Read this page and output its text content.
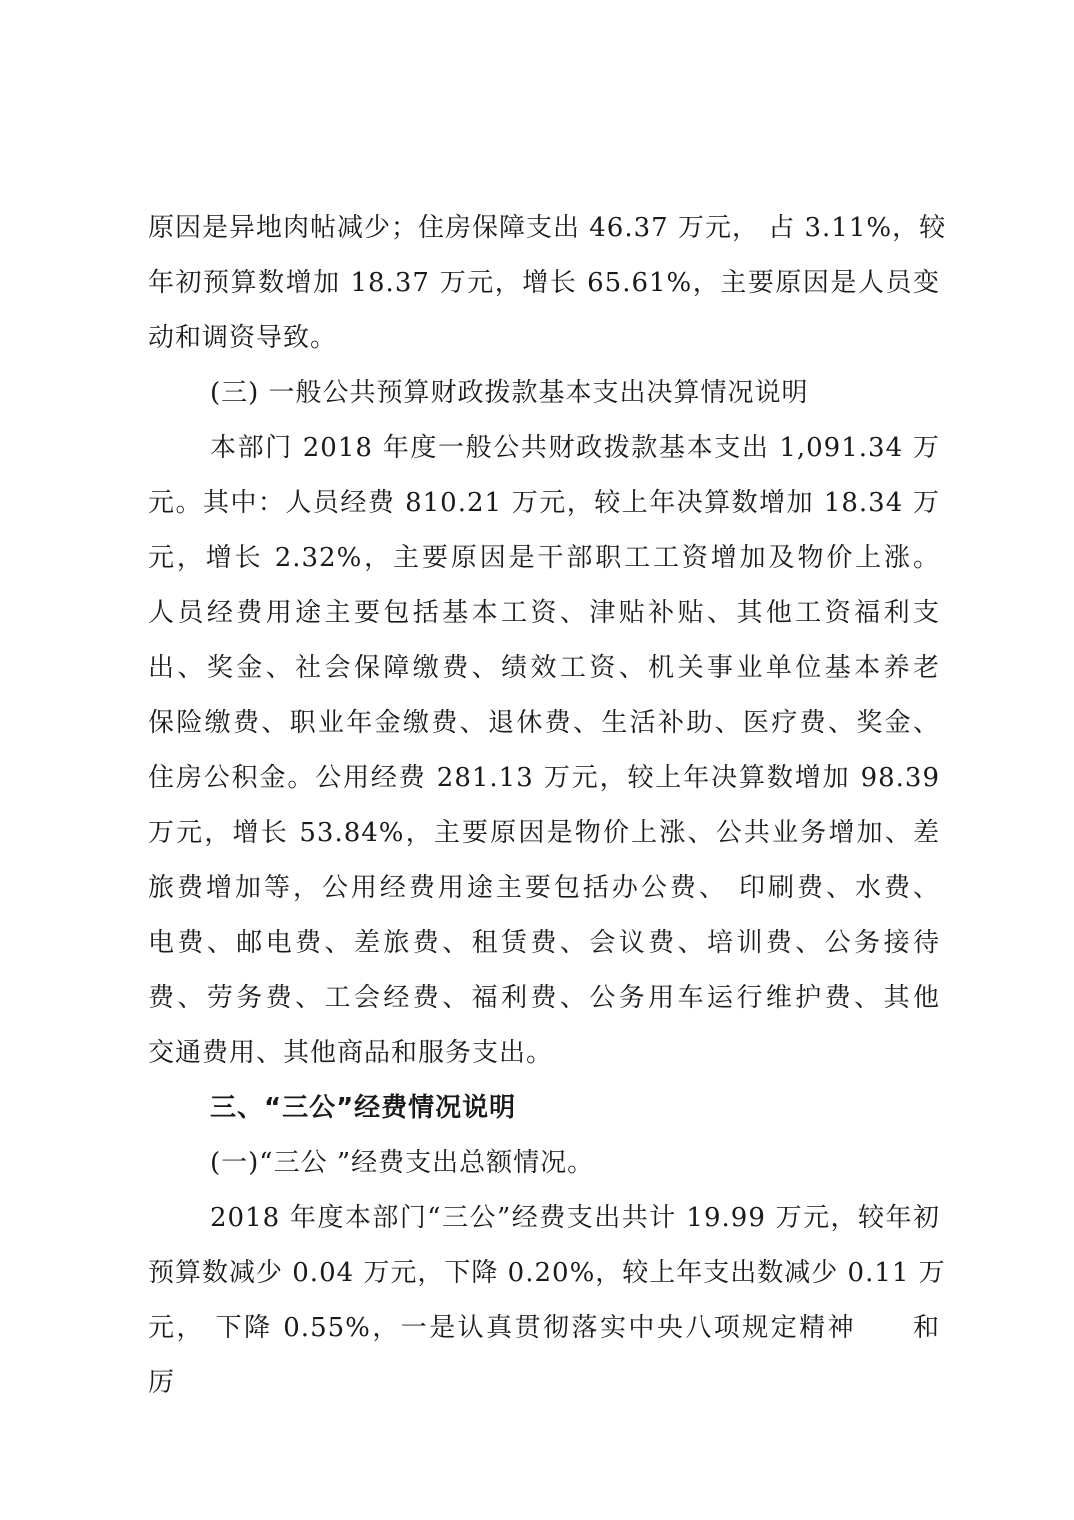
原因是异地肉帖减少；住房保障支出 46.37 万元， 占 3.11%，较
年初预算数增加 18.37 万元，增长 65.61%，主要原因是人员变
动和调资导致。
(三) 一般公共预算财政拨款基本支出决算情况说明
本部门 2018 年度一般公共财政拨款基本支出 1,091.34 万
元。其中：人员经费 810.21 万元，较上年决算数增加 18.34 万
元，增长 2.32%，主要原因是干部职工工资增加及物价上涨。
人员经费用途主要包括基本工资、津贴补贴、其他工资福利支
出、奖金、社会保障缴费、绩效工资、机关事业单位基本养老
保险缴费、职业年金缴费、退休费、生活补助、医疗费、奖金、
住房公积金。公用经费 281.13 万元，较上年决算数增加 98.39
万元，增长 53.84%，主要原因是物价上涨、公共业务增加、差
旅费增加等，公用经费用途主要包括办公费、 印刷费、水费、
电费、邮电费、差旅费、租赁费、会议费、培训费、公务接待
费、劳务费、工会经费、福利费、公务用车运行维护费、其他
交通费用、其他商品和服务支出。
三、“三公”经费情况说明
(一)“三公 ”经费支出总额情况。
2018 年度本部门“三公”经费支出共计 19.99 万元，较年初
预算数减少 0.04 万元，下降 0.20%，较上年支出数减少 0.11 万
元， 下降 0.55%，一是认真贯彻落实中央八项规定精神　　和
厉
